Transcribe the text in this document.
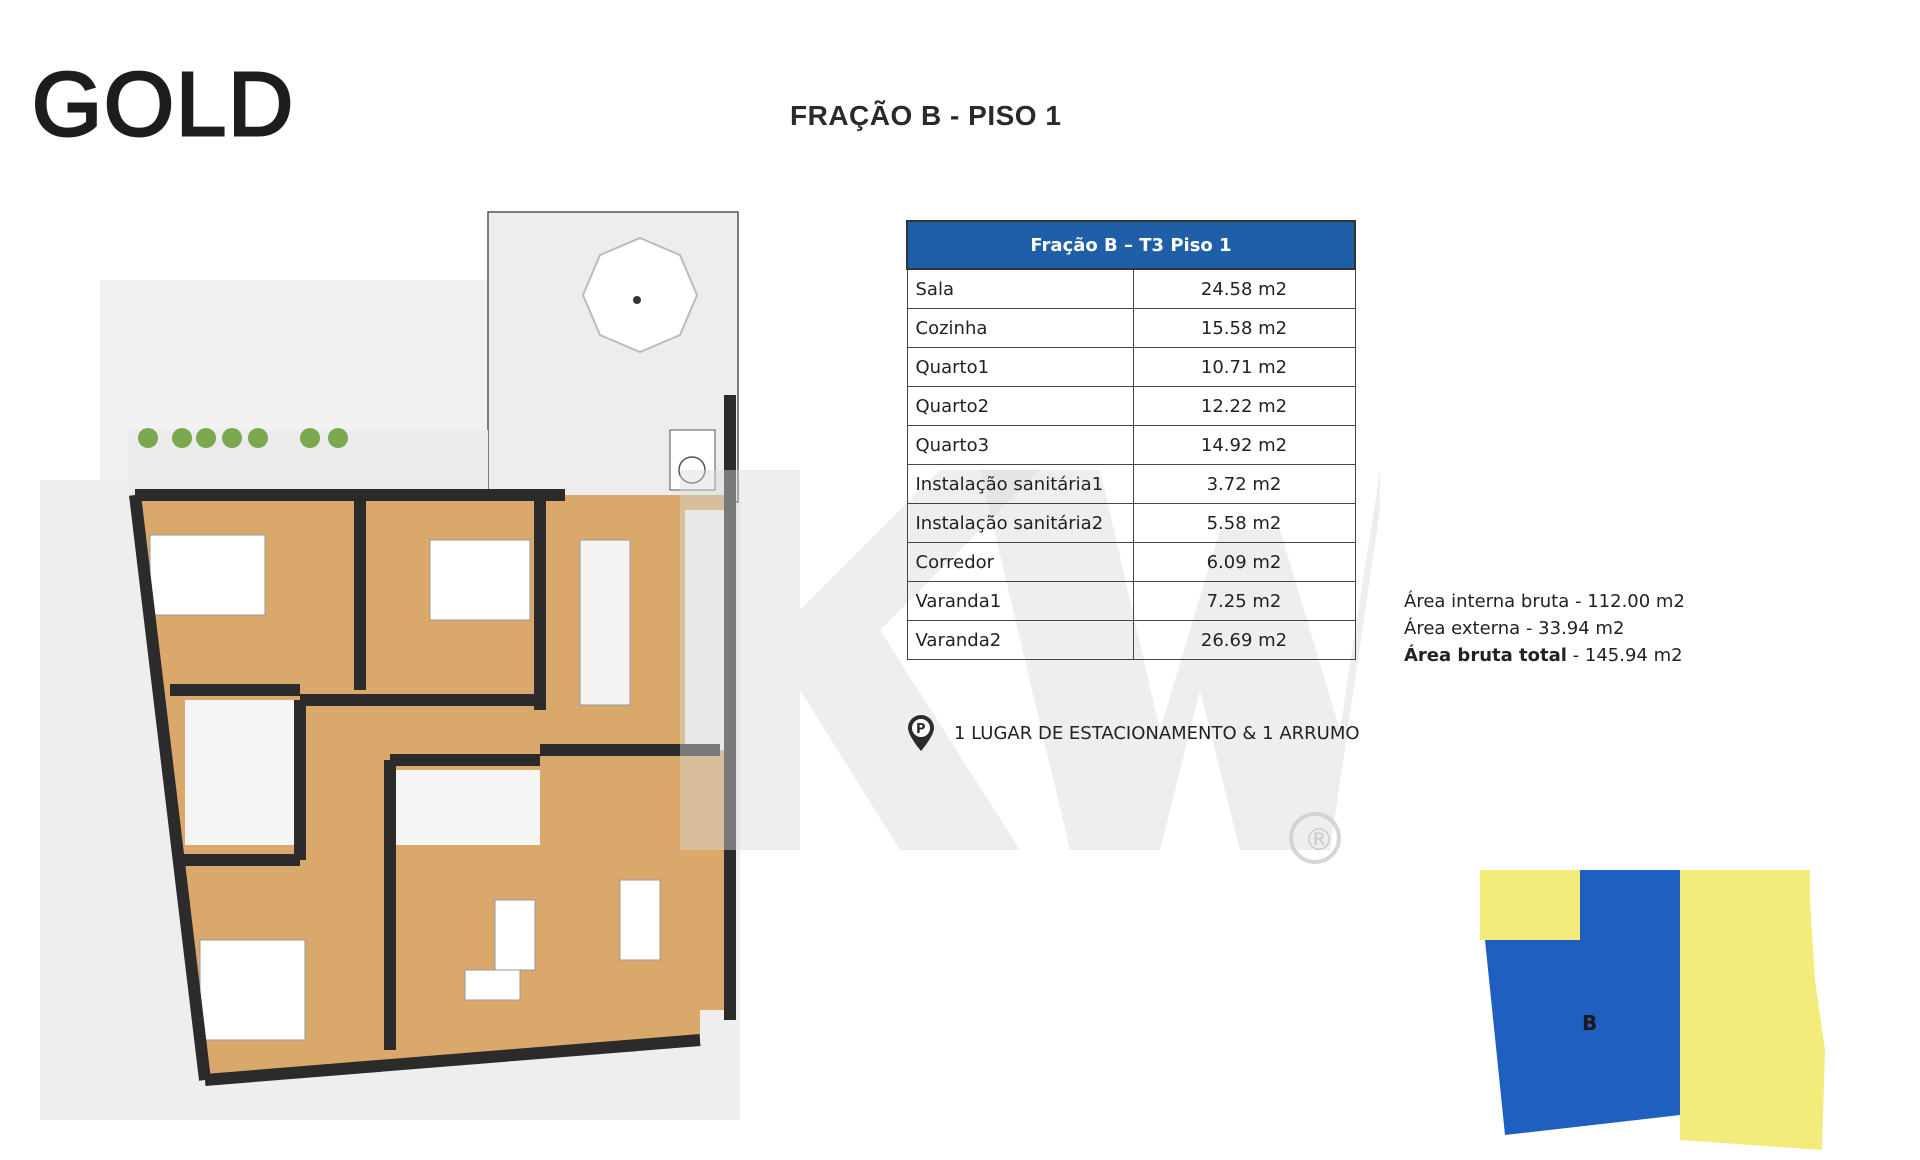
GOLD	FRAÇÃO B - PISO 1
®
Fração B – T3 Piso 1	
Sala	24.58 m2
Cozinha	15.58 m2
Quarto1	10.71 m2
Quarto2	12.22 m2
Quarto3	14.92 m2
Instalação sanitária1	3.72 m2
Instalação sanitária2	5.58 m2
Corredor	6.09 m2
Varanda1	7.25 m2
Varanda2	26.69 m2
P 1 LUGAR DE ESTACIONAMENTO & 1 ARRUMO
Área interna bruta - 112.00 m2
Área externa - 33.94 m2
Área bruta total - 145.94 m2
B
